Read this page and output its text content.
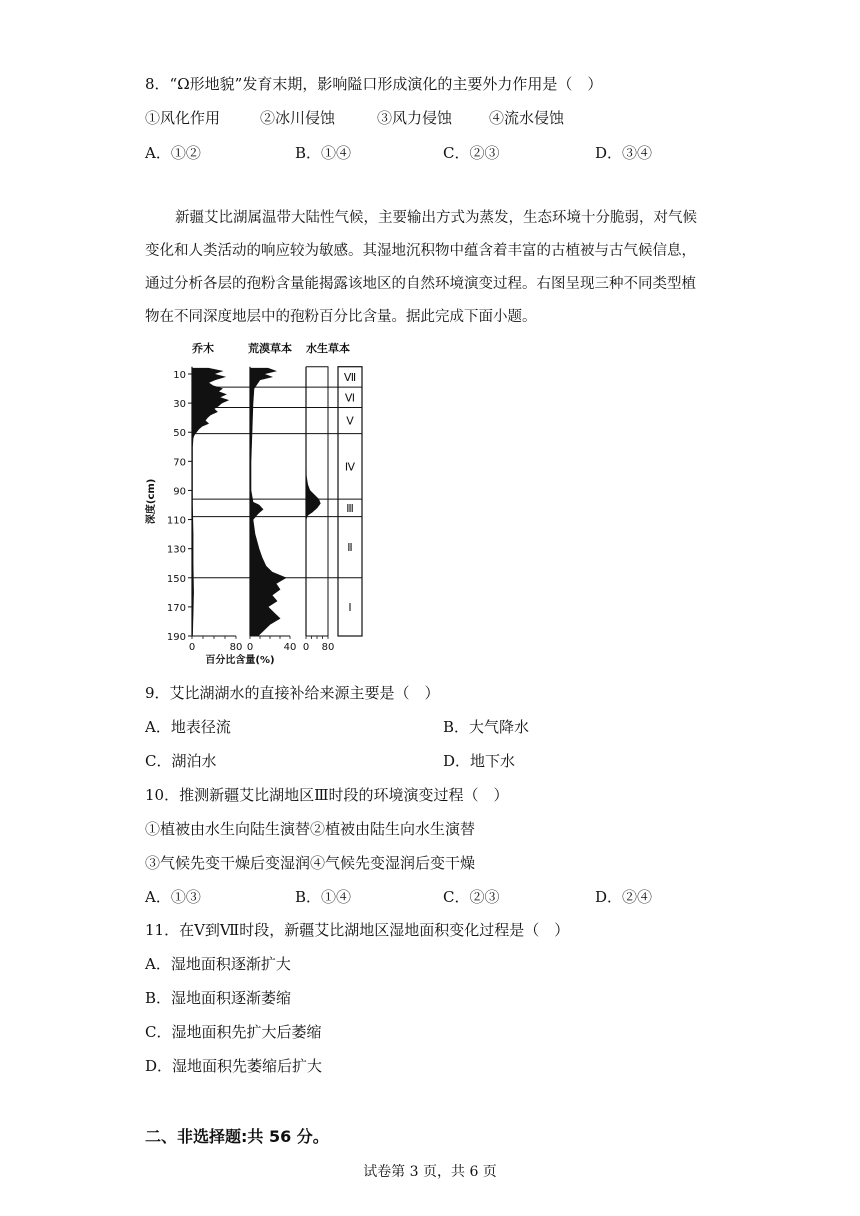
8．“Ω形地貌”发育末期，影响隘口形成演化的主要外力作用是（　）
①风化作用	②冰川侵蚀	③风力侵蚀 ④流水侵蚀
A．①②	B．①④	C．②③	D．③④
新疆艾比湖属温带大陆性气候，主要输出方式为蒸发，生态环境十分脆弱，对气候
变化和人类活动的响应较为敏感。其湿地沉积物中蕴含着丰富的古植被与古气候信息，
通过分析各层的孢粉含量能揭露该地区的自然环境演变过程。右图呈现三种不同类型植
物在不同深度地层中的孢粉百分比含量。据此完成下面小题。
乔木	荒漠草本 水生草本
Ⅶ
Ⅵ
Ⅴ
Ⅳ
Ⅲ
Ⅱ
Ⅰ
10
30
50
70
90
110
130
150
170
190
深度(cm)
0	80 0	40 0 80
百分比含量(%)
9．艾比湖湖水的直接补给来源主要是（　）
A．地表径流	B．大气降水
C．湖泊水	D．地下水
10．推测新疆艾比湖地区Ⅲ时段的环境演变过程（　）
①植被由水生向陆生演替②植被由陆生向水生演替
③气候先变干燥后变湿润④气候先变湿润后变干燥
A．①③	B．①④	C．②③	D．②④
11．在Ⅴ到Ⅶ时段，新疆艾比湖地区湿地面积变化过程是（　）
A．湿地面积逐渐扩大
B．湿地面积逐渐萎缩
C．湿地面积先扩大后萎缩
D．湿地面积先萎缩后扩大
二、非选择题:共 56 分。
试卷第 3 页，共 6 页
